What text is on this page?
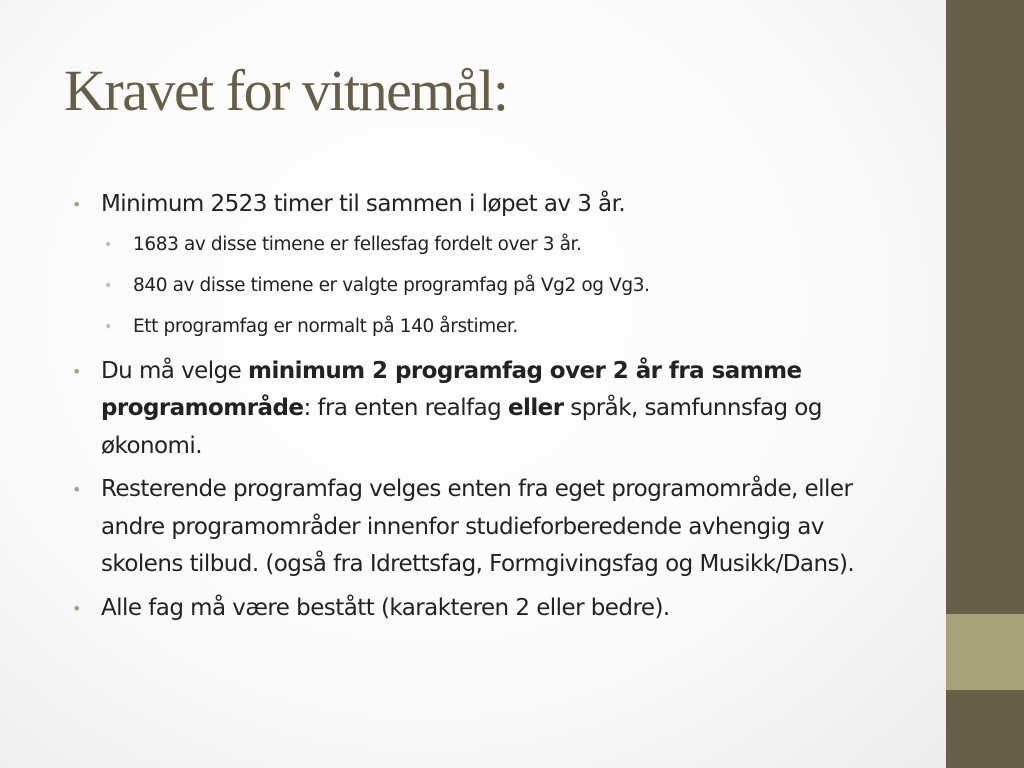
Kravet for vitnemål:
• Minimum 2523 timer til sammen i løpet av 3 år.
• 1683 av disse timene er fellesfag fordelt over 3 år.
• 840 av disse timene er valgte programfag på Vg2 og Vg3.
• Ett programfag er normalt på 140 årstimer.
• Du må velge minimum 2 programfag over 2 år fra samme programområde: fra enten realfag eller språk, samfunnsfag og økonomi.
• Resterende programfag velges enten fra eget programområde, eller andre programområder innenfor studieforberedende avhengig av skolens tilbud. (også fra Idrettsfag, Formgivingsfag og Musikk/Dans).
• Alle fag må være bestått (karakteren 2 eller bedre).
